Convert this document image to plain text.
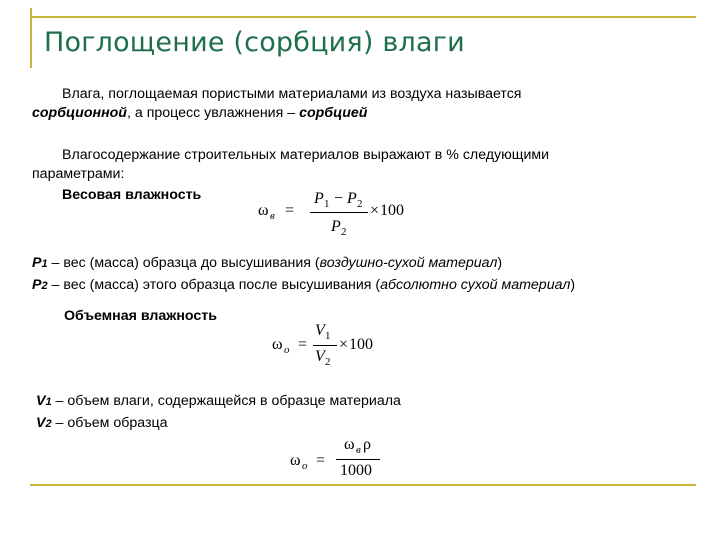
Поглощение (сорбция) влаги
Влага, поглощаемая пористыми материалами из воздуха называется
сорбционной, а процесс увлажнения – сорбцией
Влагосодержание строительных материалов выражают в % следующими
параметрами:
Весовая влажность
ω в =
P 1 − P 2
P 2
× 100
P1 – вес (масса) образца до высушивания (воздушно-сухой материал)
P2 – вес (масса) этого образца после высушивания (абсолютно сухой материал)
Объемная влажность
ω о =
V 1
V 2
× 100
V1 – объем влаги, содержащейся в образце материала
V2 – объем образца
ω о =
ω в ρ
1000
